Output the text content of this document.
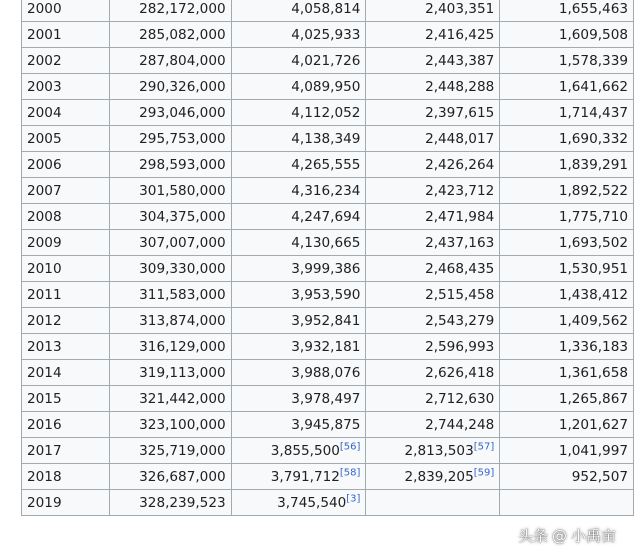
2000	282,172,000	4,058,814	2,403,351	1,655,463
2001	285,082,000	4,025,933	2,416,425	1,609,508
2002	287,804,000	4,021,726	2,443,387	1,578,339
2003	290,326,000	4,089,950	2,448,288	1,641,662
2004	293,046,000	4,112,052	2,397,615	1,714,437
2005	295,753,000	4,138,349	2,448,017	1,690,332
2006	298,593,000	4,265,555	2,426,264	1,839,291
2007	301,580,000	4,316,234	2,423,712	1,892,522
2008	304,375,000	4,247,694	2,471,984	1,775,710
2009	307,007,000	4,130,665	2,437,163	1,693,502
2010	309,330,000	3,999,386	2,468,435	1,530,951
2011	311,583,000	3,953,590	2,515,458	1,438,412
2012	313,874,000	3,952,841	2,543,279	1,409,562
2013	316,129,000	3,932,181	2,596,993	1,336,183
2014	319,113,000	3,988,076	2,626,418	1,361,658
2015	321,442,000	3,978,497	2,712,630	1,265,867
2016	323,100,000	3,945,875	2,744,248	1,201,627
2017	325,719,000	3,855,500[56]	2,813,503[57]	1,041,997
2018	326,687,000	3,791,712[58]	2,839,205[59]	952,507
2019	328,239,523	3,745,540[3]		
头条 @ 小禹亩
